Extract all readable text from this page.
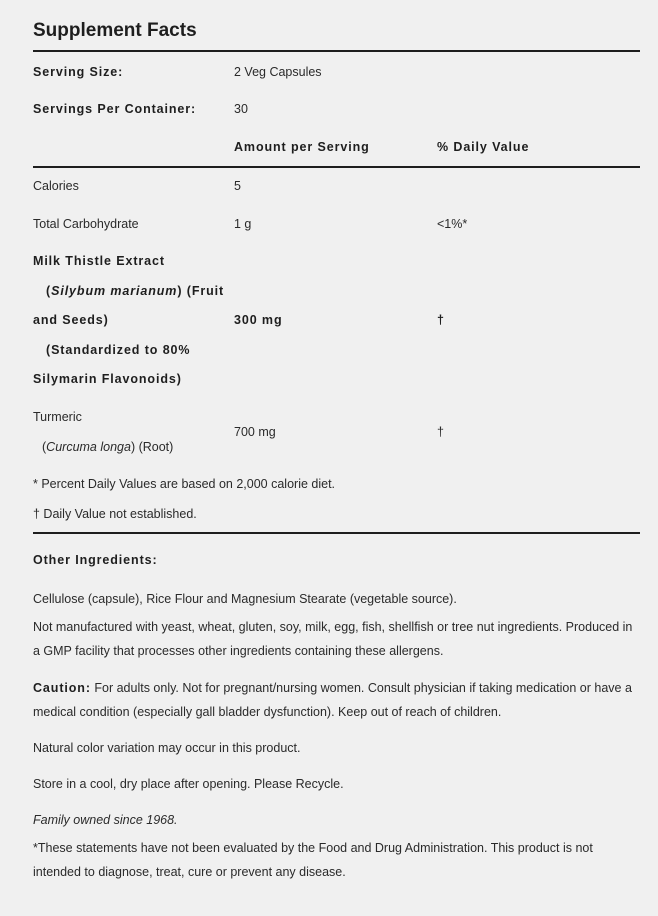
Supplement Facts
Serving Size:	2 Veg Capsules
Servings Per Container:	30
Amount per Serving	% Daily Value
Calories	5
Total Carbohydrate	1 g	<1%*
Milk Thistle Extract
(Silybum marianum) (Fruit
and Seeds)
(Standardized to 80%
Silymarin Flavonoids)
300 mg	†
Turmeric
(Curcuma longa) (Root)
700 mg	†
* Percent Daily Values are based on 2,000 calorie diet.
† Daily Value not established.
Other Ingredients:
Cellulose (capsule), Rice Flour and Magnesium Stearate (vegetable source).
Not manufactured with yeast, wheat, gluten, soy, milk, egg, fish, shellfish or tree nut ingredients. Produced in a GMP facility that processes other ingredients containing these allergens.
Caution: For adults only. Not for pregnant/nursing women. Consult physician if taking medication or have a medical condition (especially gall bladder dysfunction). Keep out of reach of children.
Natural color variation may occur in this product.
Store in a cool, dry place after opening. Please Recycle.
Family owned since 1968.
*These statements have not been evaluated by the Food and Drug Administration. This product is not intended to diagnose, treat, cure or prevent any disease.
